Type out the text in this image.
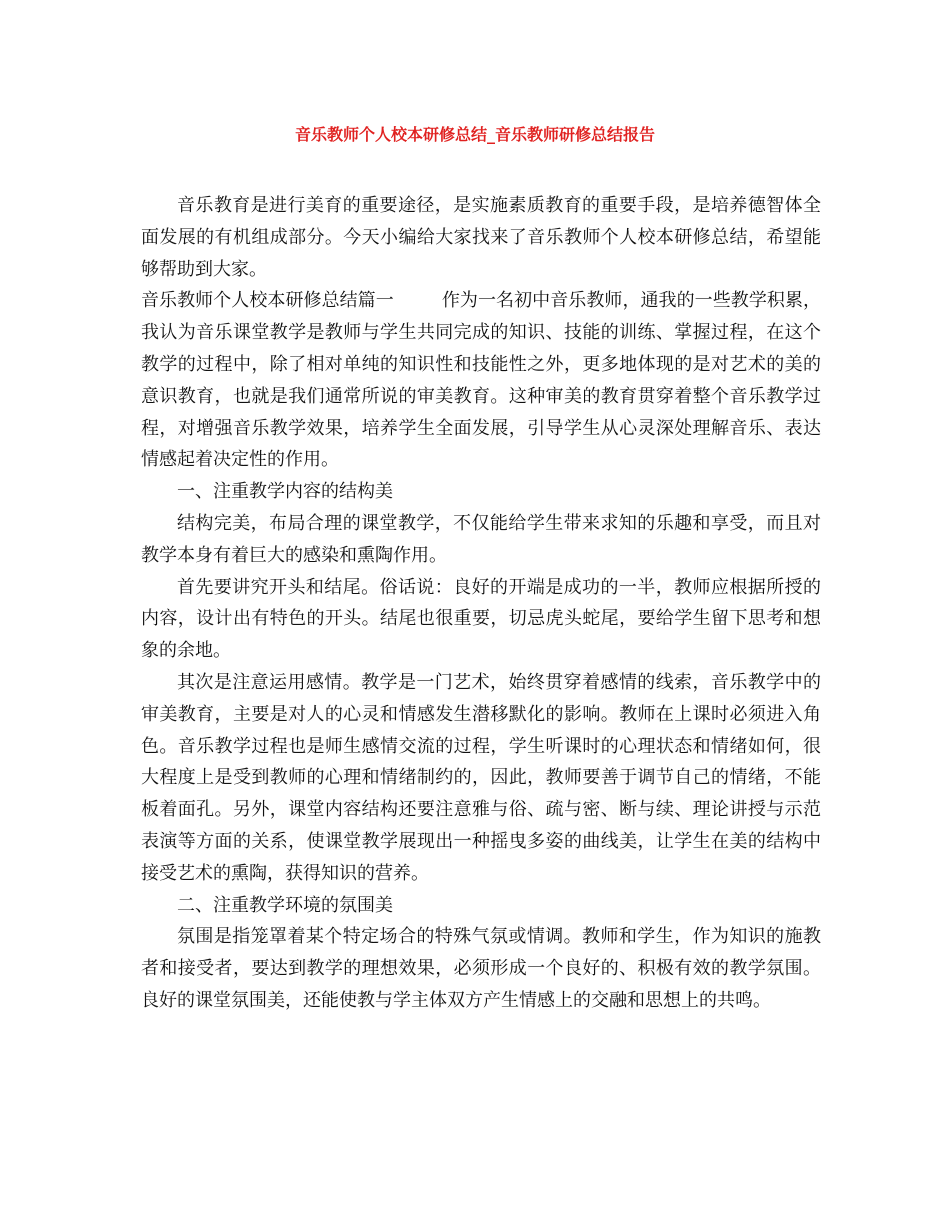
音乐教师个人校本研修总结_音乐教师研修总结报告

音乐教育是进行美育的重要途径，是实施素质教育的重要手段，是培养德智体全面发展的有机组成部分。今天小编给大家找来了音乐教师个人校本研修总结，希望能够帮助到大家。

音乐教师个人校本研修总结篇一	作为一名初中音乐教师，通我的一些教学积累，我认为音乐课堂教学是教师与学生共同完成的知识、技能的训练、掌握过程，在这个教学的过程中，除了相对单纯的知识性和技能性之外，更多地体现的是对艺术的美的意识教育，也就是我们通常所说的审美教育。这种审美的教育贯穿着整个音乐教学过程，对增强音乐教学效果，培养学生全面发展，引导学生从心灵深处理解音乐、表达情感起着决定性的作用。

一、注重教学内容的结构美

结构完美，布局合理的课堂教学，不仅能给学生带来求知的乐趣和享受，而且对教学本身有着巨大的感染和熏陶作用。

首先要讲究开头和结尾。俗话说：良好的开端是成功的一半，教师应根据所授的内容，设计出有特色的开头。结尾也很重要，切忌虎头蛇尾，要给学生留下思考和想象的余地。

其次是注意运用感情。教学是一门艺术，始终贯穿着感情的线索，音乐教学中的审美教育，主要是对人的心灵和情感发生潜移默化的影响。教师在上课时必须进入角色。音乐教学过程也是师生感情交流的过程，学生听课时的心理状态和情绪如何，很大程度上是受到教师的心理和情绪制约的，因此，教师要善于调节自己的情绪，不能板着面孔。另外，课堂内容结构还要注意雅与俗、疏与密、断与续、理论讲授与示范表演等方面的关系，使课堂教学展现出一种摇曳多姿的曲线美，让学生在美的结构中接受艺术的熏陶，获得知识的营养。

二、注重教学环境的氛围美

氛围是指笼罩着某个特定场合的特殊气氛或情调。教师和学生，作为知识的施教者和接受者，要达到教学的理想效果，必须形成一个良好的、积极有效的教学氛围。良好的课堂氛围美，还能使教与学主体双方产生情感上的交融和思想上的共鸣。
